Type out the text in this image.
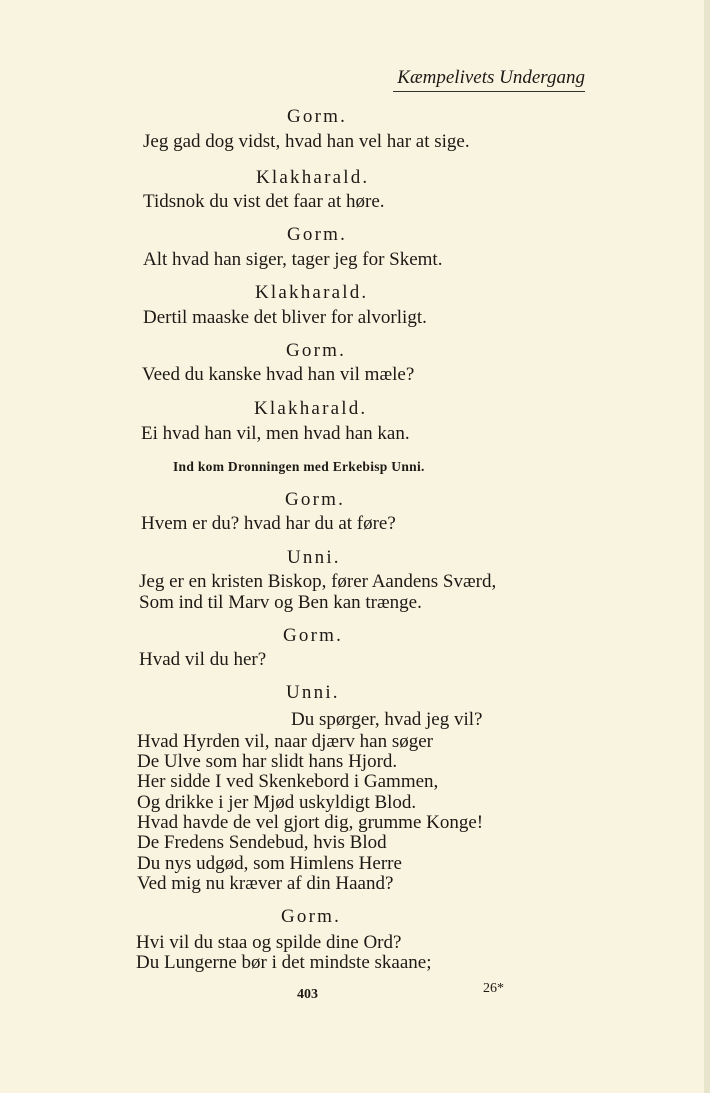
Kæmpelivets Undergang
Gorm.
Jeg gad dog vidst, hvad han vel har at sige.
Klakharald.
Tidsnok du vist det faar at høre.
Gorm.
Alt hvad han siger, tager jeg for Skemt.
Klakharald.
Dertil maaske det bliver for alvorligt.
Gorm.
Veed du kanske hvad han vil mæle?
Klakharald.
Ei hvad han vil, men hvad han kan.
Ind kom Dronningen med Erkebisp Unni.
Gorm.
Hvem er du? hvad har du at føre?
Unni.
Jeg er en kristen Biskop, fører Aandens Sværd,
Som ind til Marv og Ben kan trænge.
Gorm.
Hvad vil du her?
Unni.
Du spørger, hvad jeg vil?
Hvad Hyrden vil, naar djærv han søger
De Ulve som har slidt hans Hjord.
Her sidde I ved Skenkebord i Gammen,
Og drikke i jer Mjød uskyldigt Blod.
Hvad havde de vel gjort dig, grumme Konge!
De Fredens Sendebud, hvis Blod
Du nys udgød, som Himlens Herre
Ved mig nu kræver af din Haand?
Gorm.
Hvi vil du staa og spilde dine Ord?
Du Lungerne bør i det mindste skaane;
403	26*
